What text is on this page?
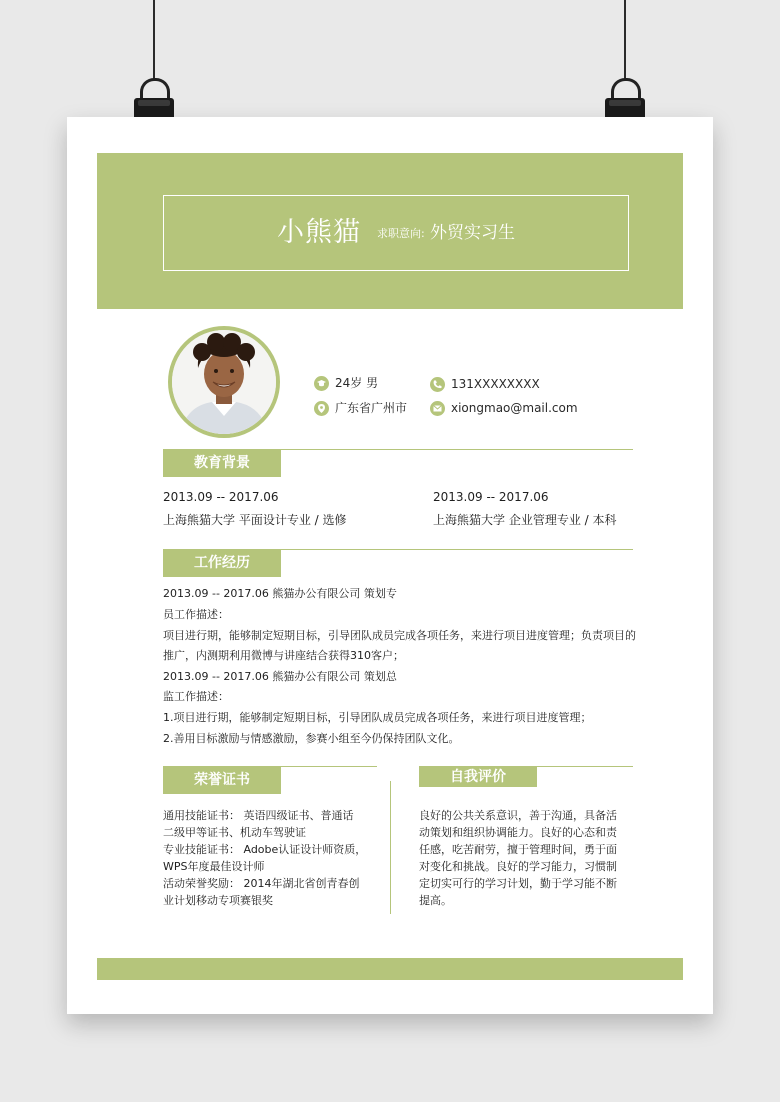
小熊猫 求职意向: 外贸实习生
24岁 男
广东省广州市
131XXXXXXXX
xiongmao@mail.com
教育背景
2013.09 -- 2017.06
上海熊猫大学 平面设计专业 / 选修
2013.09 -- 2017.06
上海熊猫大学 企业管理专业 / 本科
工作经历
2013.09 -- 2017.06 熊猫办公有限公司 策划专
员工作描述：
项目进行期，能够制定短期目标，引导团队成员完成各项任务，来进行项目进度管理；负责项目的
推广，内测期利用微博与讲座结合获得310客户；
2013.09 -- 2017.06 熊猫办公有限公司 策划总
监工作描述：
1.项目进行期，能够制定短期目标，引导团队成员完成各项任务，来进行项目进度管理；
2.善用目标激励与情感激励，参赛小组至今仍保持团队文化。
荣誉证书
通用技能证书： 英语四级证书、普通话
二级甲等证书、机动车驾驶证
专业技能证书： Adobe认证设计师资质，
WPS年度最佳设计师
活动荣誉奖励： 2014年湖北省创青春创
业计划移动专项赛银奖
自我评价
良好的公共关系意识，善于沟通，具备活
动策划和组织协调能力。良好的心态和责
任感，吃苦耐劳，擅于管理时间，勇于面
对变化和挑战。良好的学习能力，习惯制
定切实可行的学习计划，勤于学习能不断
提高。
